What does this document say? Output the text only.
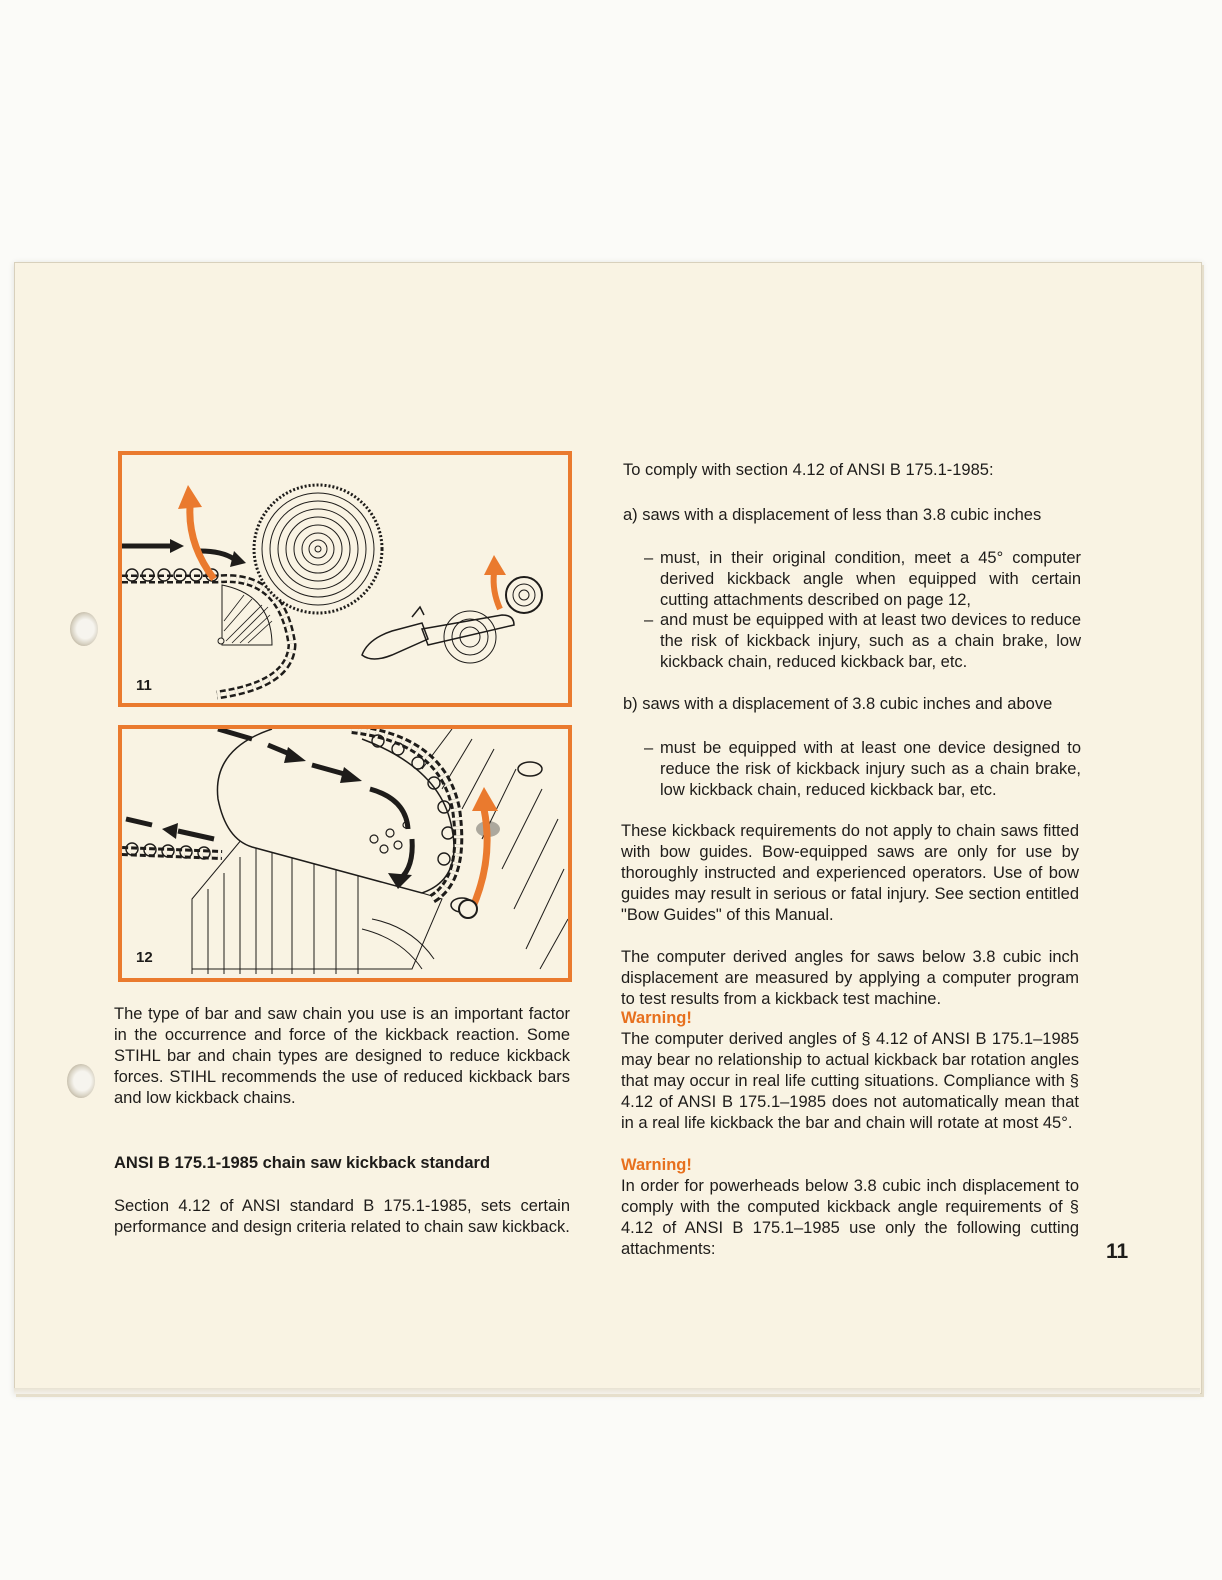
11
12

The type of bar and saw chain you use is an important factor in the occurrence and force of the kickback reaction. Some STIHL bar and chain types are designed to reduce kickback forces. STIHL recommends the use of reduced kickback bars and low kickback chains.

ANSI B 175.1-1985 chain saw kickback standard

Section 4.12 of ANSI standard B 175.1-1985, sets certain performance and design criteria related to chain saw kickback.

To comply with section 4.12 of ANSI B 175.1-1985:

a) saws with a displacement of less than 3.8 cubic inches

– must, in their original condition, meet a 45° computer derived kickback angle when equipped with certain cutting attachments described on page 12,

– and must be equipped with at least two devices to reduce the risk of kickback injury, such as a chain brake, low kickback chain, reduced kickback bar, etc.

b) saws with a displacement of 3.8 cubic inches and above

– must be equipped with at least one device designed to reduce the risk of kickback injury such as a chain brake, low kickback chain, reduced kickback bar, etc.

These kickback requirements do not apply to chain saws fitted with bow guides. Bow-equipped saws are only for use by thoroughly instructed and experienced operators. Use of bow guides may result in serious or fatal injury. See section entitled "Bow Guides" of this Manual.

The computer derived angles for saws below 3.8 cubic inch displacement are measured by applying a computer program to test results from a kickback test machine.

Warning!
The computer derived angles of § 4.12 of ANSI B 175.1–1985 may bear no relationship to actual kickback bar rotation angles that may occur in real life cutting situations. Compliance with § 4.12 of ANSI B 175.1–1985 does not automatically mean that in a real life kickback the bar and chain will rotate at most 45°.
Warning!
In order for powerheads below 3.8 cubic inch displacement to comply with the computed kickback angle requirements of § 4.12 of ANSI B 175.1–1985 use only the following cutting attachments:	11
